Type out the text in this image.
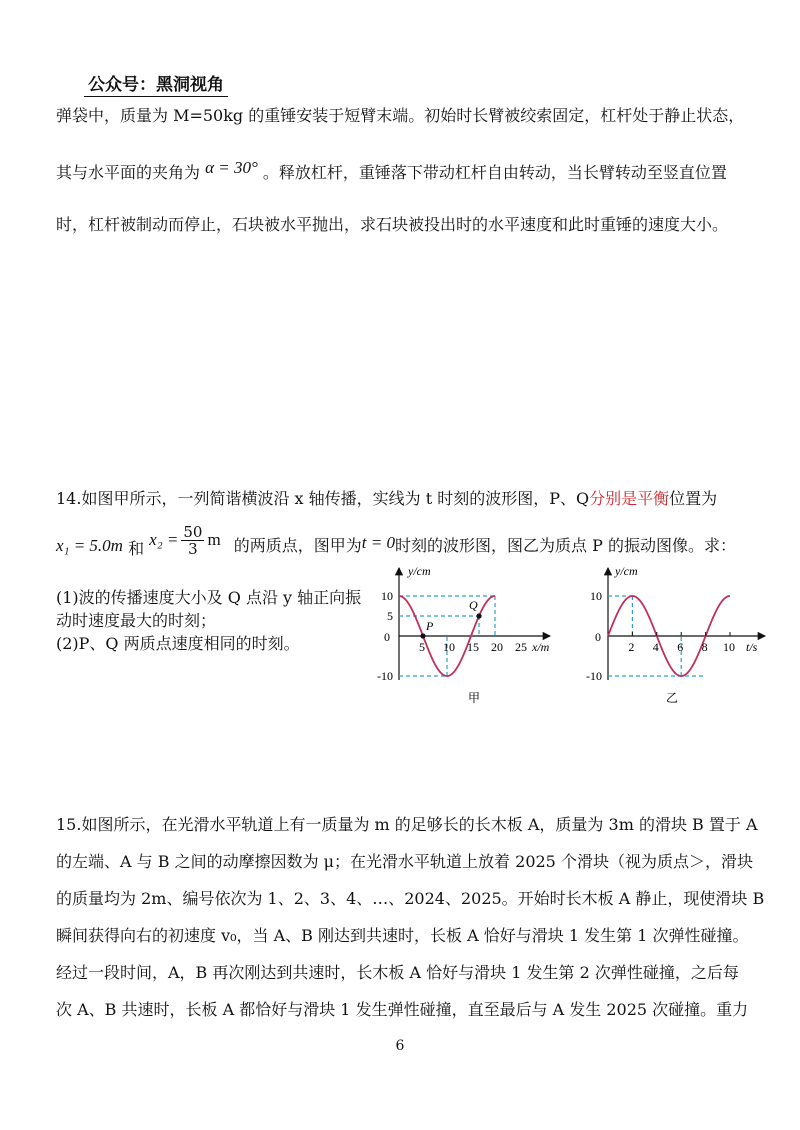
公众号：黑洞视角
弹袋中，质量为 M=50kg 的重锤安装于短臂末端。初始时长臂被绞索固定，杠杆处于静止状态，
其与水平面的夹角为 α = 30° 。释放杠杆，重锤落下带动杠杆自由转动，当长臂转动至竖直位置
时，杠杆被制动而停止，石块被水平抛出，求石块被投出时的水平速度和此时重锤的速度大小。
14.如图甲所示，一列简谐横波沿 x 轴传播，实线为 t 时刻的波形图，P、Q分别是平衡位置为
x₁ = 5.0m 和 $x_2 = \frac{50}{3}$ m 的两质点，图甲为t = 0时刻的波形图，图乙为质点 P 的振动图像。求：
(1)波的传播速度大小及 Q 点沿 y 轴正向振
动时速度最大的时刻；
(2)P、Q 两质点速度相同的时刻。	5 10 15 20 25
10
5
-10
P
Q
y/cm
x/m
0
甲
2 4 6 8 10
10
-10
y/cm
t/s
0
乙
15.如图所示，在光滑水平轨道上有一质量为 m 的足够长的长木板 A，质量为 3m 的滑块 B 置于 A
的左端、A 与 B 之间的动摩擦因数为 μ；在光滑水平轨道上放着 2025 个滑块（视为质点＞，滑块
的质量均为 2m、编号依次为 1、2、3、4、…、2024、2025。开始时长木板 A 静止，现使滑块 B
瞬间获得向右的初速度 v₀，当 A、B 刚达到共速时，长板 A 恰好与滑块 1 发生第 1 次弹性碰撞。
经过一段时间，A，B 再次刚达到共速时，长木板 A 恰好与滑块 1 发生第 2 次弹性碰撞，之后每
次 A、B 共速时，长板 A 都恰好与滑块 1 发生弹性碰撞，直至最后与 A 发生 2025 次碰撞。重力
6
